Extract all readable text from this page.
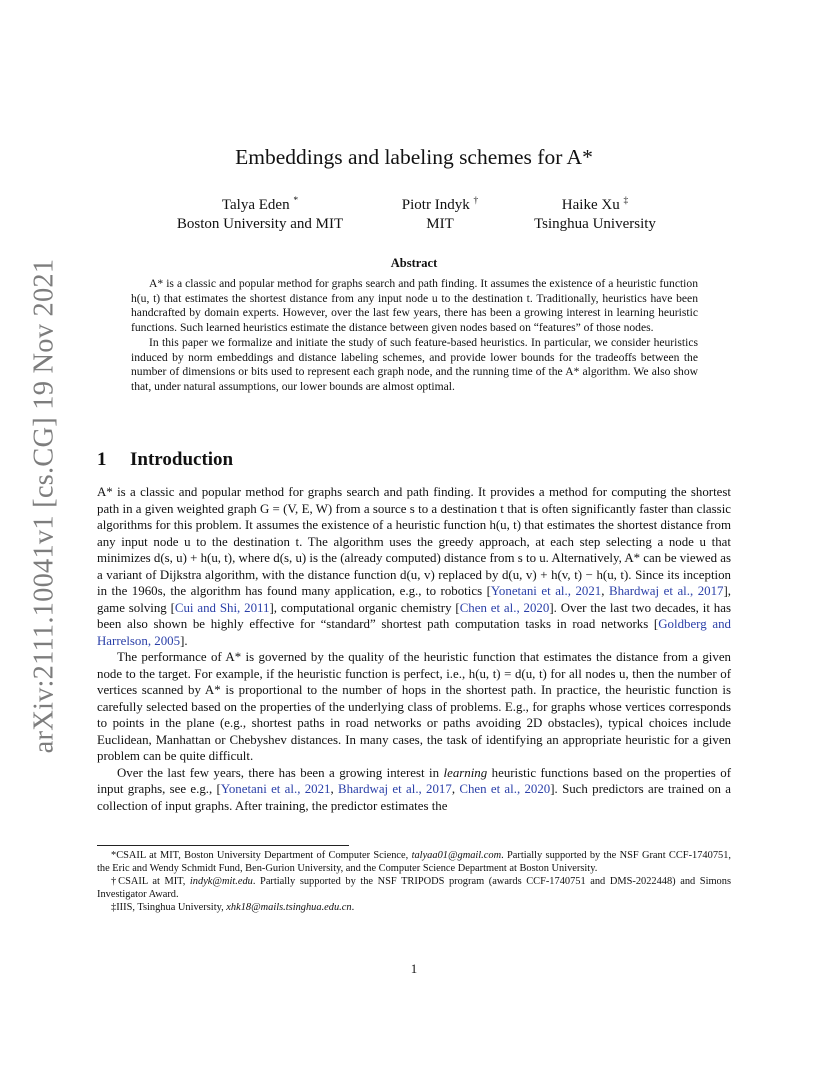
arXiv:2111.10041v1 [cs.CG] 19 Nov 2021
Embeddings and labeling schemes for A*
Talya Eden *
Boston University and MIT
Piotr Indyk †
MIT
Haike Xu ‡
Tsinghua University
Abstract

A* is a classic and popular method for graphs search and path finding. It assumes the existence of a heuristic function h(u, t) that estimates the shortest distance from any input node u to the destination t. Traditionally, heuristics have been handcrafted by domain experts. However, over the last few years, there has been a growing interest in learning heuristic functions. Such learned heuristics estimate the distance between given nodes based on “features” of those nodes.

In this paper we formalize and initiate the study of such feature-based heuristics. In particular, we consider heuristics induced by norm embeddings and distance labeling schemes, and provide lower bounds for the tradeoffs between the number of dimensions or bits used to represent each graph node, and the running time of the A* algorithm. We also show that, under natural assumptions, our lower bounds are almost optimal.

1 Introduction

A* is a classic and popular method for graphs search and path finding. It provides a method for computing the shortest path in a given weighted graph G = (V, E, W) from a source s to a destination t that is often significantly faster than classic algorithms for this problem. It assumes the existence of a heuristic function h(u, t) that estimates the shortest distance from any input node u to the destination t. The algorithm uses the greedy approach, at each step selecting a node u that minimizes d(s, u) + h(u, t), where d(s, u) is the (already computed) distance from s to u. Alternatively, A* can be viewed as a variant of Dijkstra algorithm, with the distance function d(u, v) replaced by d(u, v) + h(v, t) − h(u, t). Since its inception in the 1960s, the algorithm has found many application, e.g., to robotics [Yonetani et al., 2021, Bhardwaj et al., 2017], game solving [Cui and Shi, 2011], computational organic chemistry [Chen et al., 2020]. Over the last two decades, it has been also shown be highly effective for “standard” shortest path computation tasks in road networks [Goldberg and Harrelson, 2005].

The performance of A* is governed by the quality of the heuristic function that estimates the distance from a given node to the target. For example, if the heuristic function is perfect, i.e., h(u, t) = d(u, t) for all nodes u, then the number of vertices scanned by A* is proportional to the number of hops in the shortest path. In practice, the heuristic function is carefully selected based on the properties of the underlying class of problems. E.g., for graphs whose vertices corresponds to points in the plane (e.g., shortest paths in road networks or paths avoiding 2D obstacles), typical choices include Euclidean, Manhattan or Chebyshev distances. In many cases, the task of identifying an appropriate heuristic for a given problem can be quite difficult.

Over the last few years, there has been a growing interest in learning heuristic functions based on the properties of input graphs, see e.g., [Yonetani et al., 2021, Bhardwaj et al., 2017, Chen et al., 2020]. Such predictors are trained on a collection of input graphs. After training, the predictor estimates the

*CSAIL at MIT, Boston University Department of Computer Science, talyaa01@gmail.com. Partially supported by the NSF Grant CCF-1740751, the Eric and Wendy Schmidt Fund, Ben-Gurion University, and the Computer Science Department at Boston University.

†CSAIL at MIT, indyk@mit.edu. Partially supported by the NSF TRIPODS program (awards CCF-1740751 and DMS-2022448) and Simons Investigator Award.

‡IIIS, Tsinghua University, xhk18@mails.tsinghua.edu.cn.

1
